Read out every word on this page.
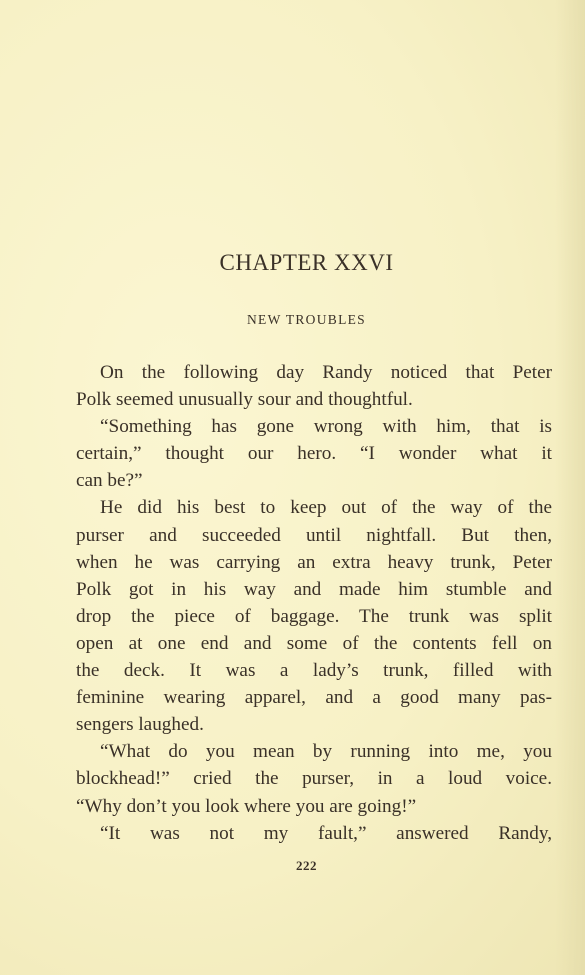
CHAPTER XXVI
NEW TROUBLES
On the following day Randy noticed that Peter
Polk seemed unusually sour and thoughtful.
“Something has gone wrong with him, that is
certain,” thought our hero. “I wonder what it
can be?”
He did his best to keep out of the way of the
purser and succeeded until nightfall. But then,
when he was carrying an extra heavy trunk, Peter
Polk got in his way and made him stumble and
drop the piece of baggage. The trunk was split
open at one end and some of the contents fell on
the deck. It was a lady’s trunk, filled with
feminine wearing apparel, and a good many pas-
sengers laughed.
“What do you mean by running into me, you
blockhead!” cried the purser, in a loud voice.
“Why don’t you look where you are going!”
“It was not my fault,” answered Randy,
222
